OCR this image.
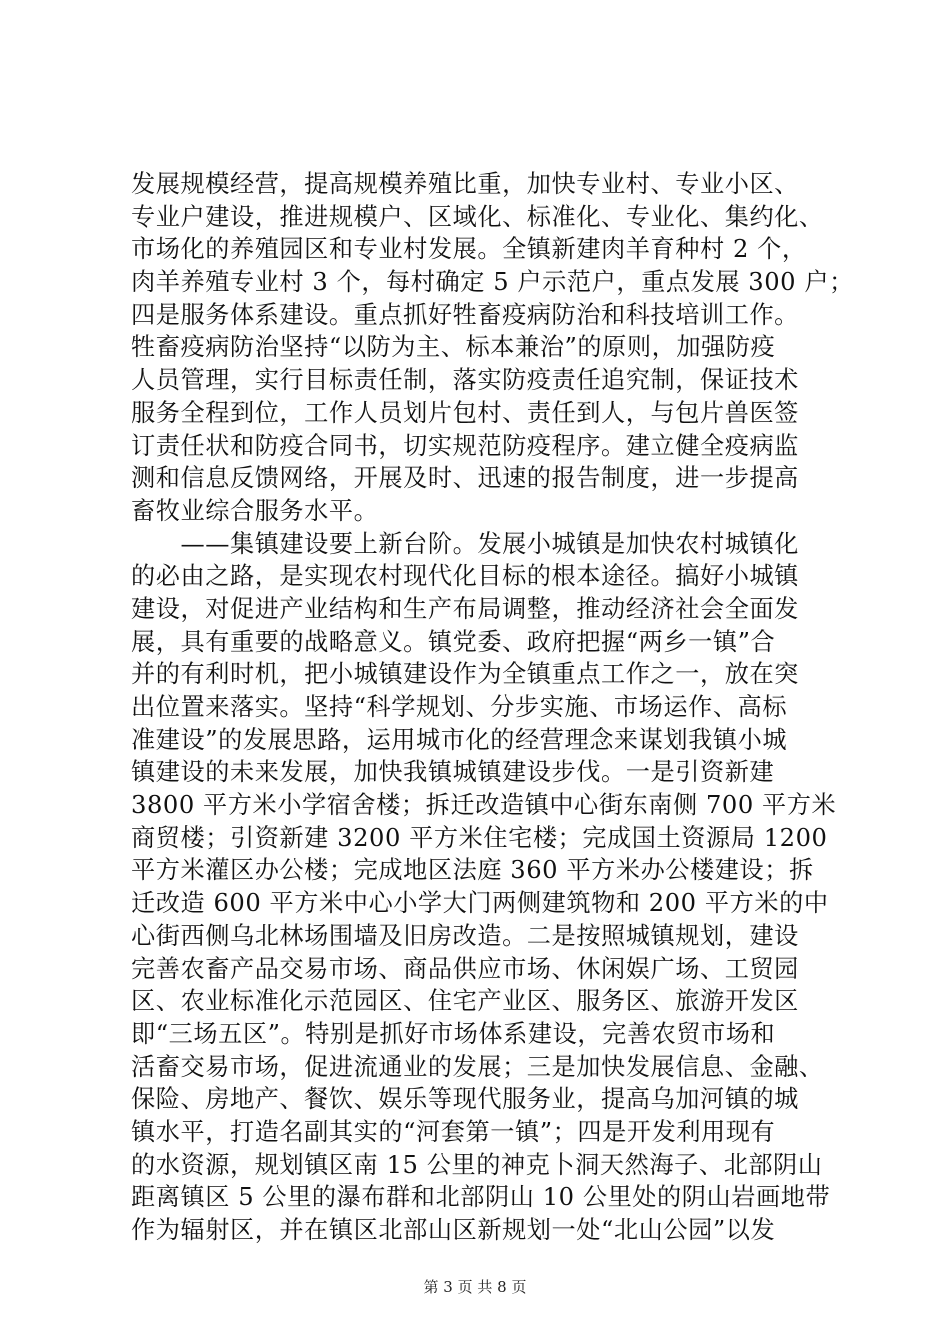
发展规模经营，提高规模养殖比重，加快专业村、专业小区、
专业户建设，推进规模户、区域化、标准化、专业化、集约化、
市场化的养殖园区和专业村发展。全镇新建肉羊育种村 2 个，
肉羊养殖专业村 3 个，每村确定 5 户示范户，重点发展 300 户；
四是服务体系建设。重点抓好牲畜疫病防治和科技培训工作。
牲畜疫病防治坚持“以防为主、标本兼治”的原则，加强防疫
人员管理，实行目标责任制，落实防疫责任追究制，保证技术
服务全程到位，工作人员划片包村、责任到人，与包片兽医签
订责任状和防疫合同书，切实规范防疫程序。建立健全疫病监
测和信息反馈网络，开展及时、迅速的报告制度，进一步提高
畜牧业综合服务水平。
　　——集镇建设要上新台阶。发展小城镇是加快农村城镇化
的必由之路，是实现农村现代化目标的根本途径。搞好小城镇
建设，对促进产业结构和生产布局调整，推动经济社会全面发
展，具有重要的战略意义。镇党委、政府把握“两乡一镇”合
并的有利时机，把小城镇建设作为全镇重点工作之一，放在突
出位置来落实。坚持“科学规划、分步实施、市场运作、高标
准建设”的发展思路，运用城市化的经营理念来谋划我镇小城
镇建设的未来发展，加快我镇城镇建设步伐。一是引资新建
3800 平方米小学宿舍楼；拆迁改造镇中心街东南侧 700 平方米
商贸楼；引资新建 3200 平方米住宅楼；完成国土资源局 1200
平方米灌区办公楼；完成地区法庭 360 平方米办公楼建设；拆
迁改造 600 平方米中心小学大门两侧建筑物和 200 平方米的中
心街西侧乌北林场围墙及旧房改造。二是按照城镇规划，建设
完善农畜产品交易市场、商品供应市场、休闲娱广场、工贸园
区、农业标准化示范园区、住宅产业区、服务区、旅游开发区
即“三场五区”。特别是抓好市场体系建设，完善农贸市场和
活畜交易市场，促进流通业的发展；三是加快发展信息、金融、
保险、房地产、餐饮、娱乐等现代服务业，提高乌加河镇的城
镇水平，打造名副其实的“河套第一镇”；四是开发利用现有
的水资源，规划镇区南 15 公里的神克卜洞天然海子、北部阴山
距离镇区 5 公里的瀑布群和北部阴山 10 公里处的阴山岩画地带
作为辐射区，并在镇区北部山区新规划一处“北山公园”以发
第 3 页 共 8 页
